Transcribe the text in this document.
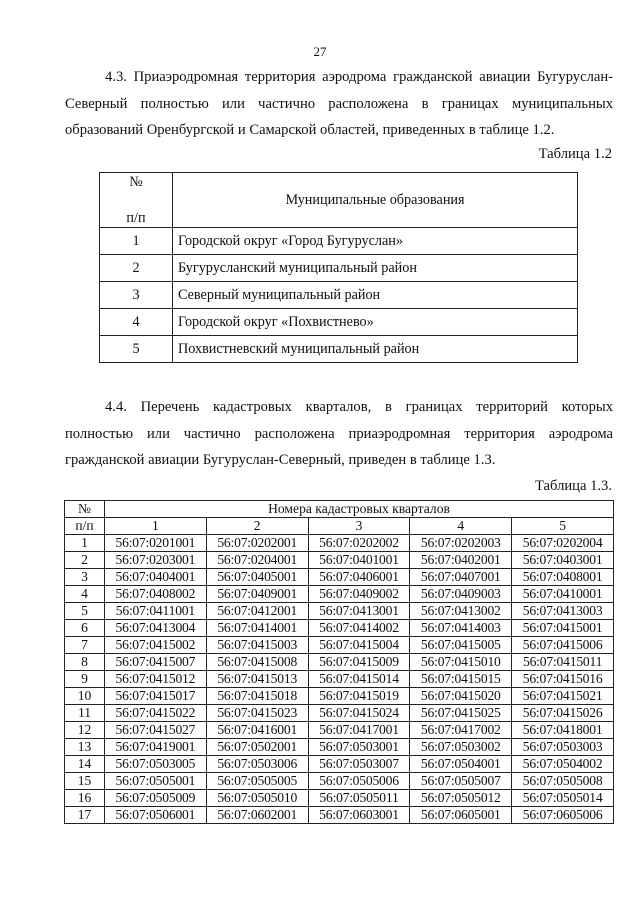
27
4.3. Приаэродромная территория аэродрома гражданской авиации Бугуруслан-Северный полностью или частично расположена в границах муниципальных образований Оренбургской и Самарской областей, приведенных в таблице 1.2.
Таблица 1.2
№

п/п	Муниципальные образования
1	Городской округ «Город Бугуруслан»
2	Бугурусланский муниципальный район
3	Северный муниципальный район
4	Городской округ «Похвистнево»
5	Похвистневский муниципальный район
4.4. Перечень кадастровых кварталов, в границах территорий которых полностью или частично расположена приаэродромная территория аэродрома гражданской авиации Бугуруслан-Северный, приведен в таблице 1.3.
Таблица 1.3.
№	Номера кадастровых кварталов				
п/п	1	2	3	4	5
1	56:07:0201001	56:07:0202001	56:07:0202002	56:07:0202003	56:07:0202004
2	56:07:0203001	56:07:0204001	56:07:0401001	56:07:0402001	56:07:0403001
3	56:07:0404001	56:07:0405001	56:07:0406001	56:07:0407001	56:07:0408001
4	56:07:0408002	56:07:0409001	56:07:0409002	56:07:0409003	56:07:0410001
5	56:07:0411001	56:07:0412001	56:07:0413001	56:07:0413002	56:07:0413003
6	56:07:0413004	56:07:0414001	56:07:0414002	56:07:0414003	56:07:0415001
7	56:07:0415002	56:07:0415003	56:07:0415004	56:07:0415005	56:07:0415006
8	56:07:0415007	56:07:0415008	56:07:0415009	56:07:0415010	56:07:0415011
9	56:07:0415012	56:07:0415013	56:07:0415014	56:07:0415015	56:07:0415016
10	56:07:0415017	56:07:0415018	56:07:0415019	56:07:0415020	56:07:0415021
11	56:07:0415022	56:07:0415023	56:07:0415024	56:07:0415025	56:07:0415026
12	56:07:0415027	56:07:0416001	56:07:0417001	56:07:0417002	56:07:0418001
13	56:07:0419001	56:07:0502001	56:07:0503001	56:07:0503002	56:07:0503003
14	56:07:0503005	56:07:0503006	56:07:0503007	56:07:0504001	56:07:0504002
15	56:07:0505001	56:07:0505005	56:07:0505006	56:07:0505007	56:07:0505008
16	56:07:0505009	56:07:0505010	56:07:0505011	56:07:0505012	56:07:0505014
17	56:07:0506001	56:07:0602001	56:07:0603001	56:07:0605001	56:07:0605006
